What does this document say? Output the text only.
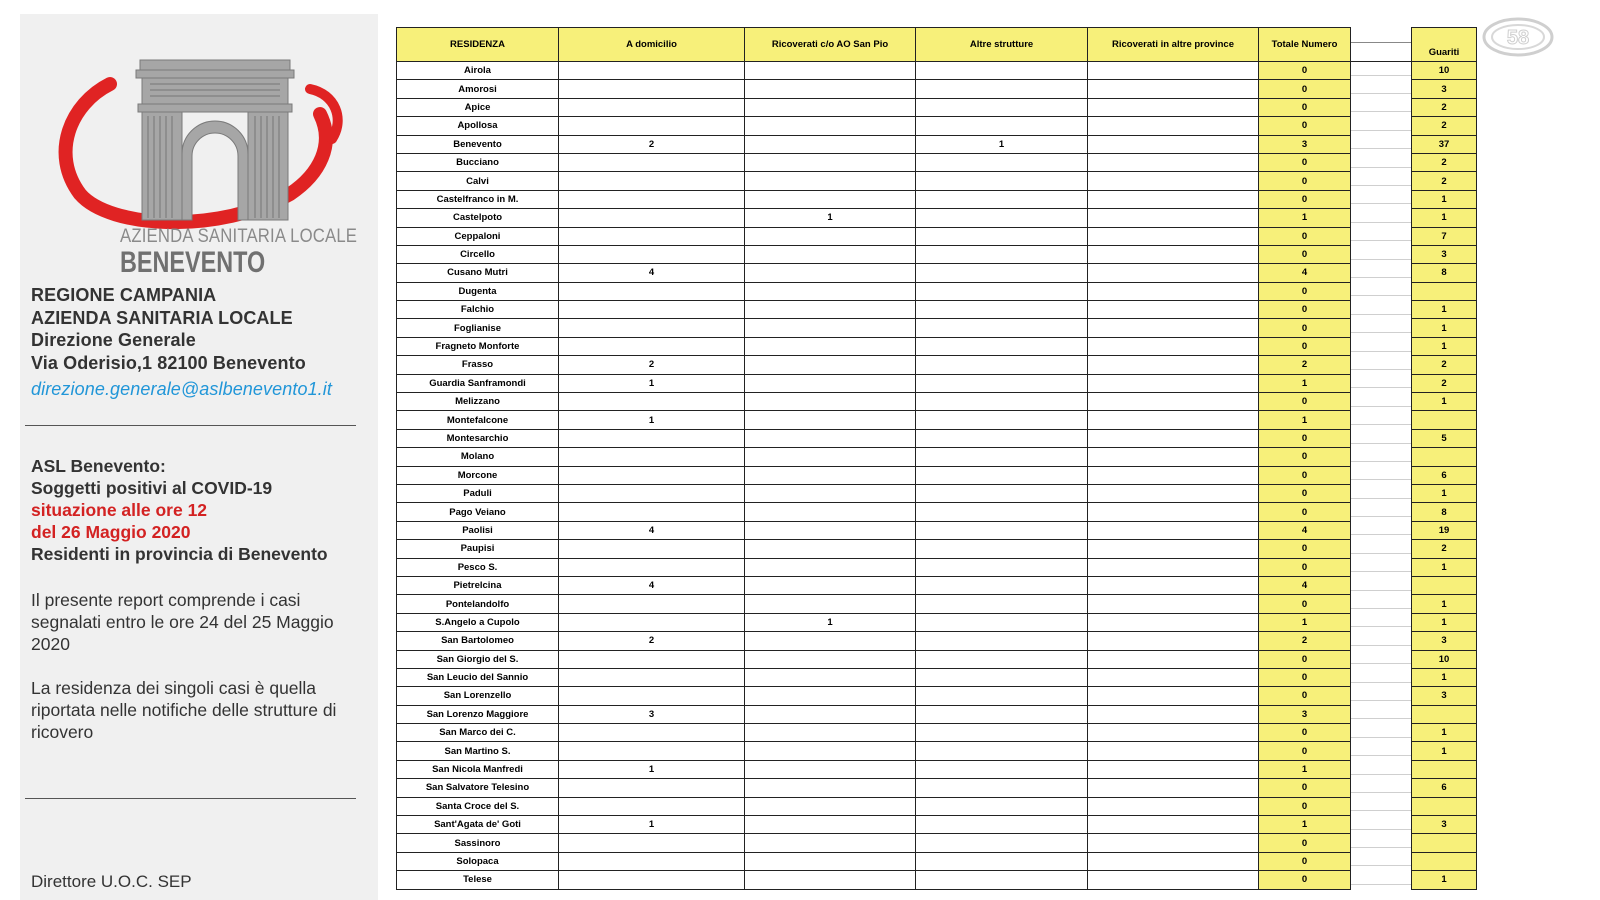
AZIENDA SANITARIA LOCALE
BENEVENTO
REGIONE CAMPANIA
AZIENDA SANITARIA LOCALE
Direzione Generale
Via Oderisio,1 82100 Benevento
direzione.generale@aslbenevento1.it

ASL Benevento:
Soggetti positivi al COVID-19
situazione alle ore 12
del 26 Maggio 2020
Residenti in provincia di Benevento

Il presente report comprende i casi segnalati entro le ore 24 del 25 Maggio 2020

La residenza dei singoli casi è quella riportata nelle notifiche delle strutture di ricovero

Direttore U.O.C. SEP
RESIDENZA	A domicilio	Ricoverati c/o AO San Pio	Altre strutture	Ricoverati in altre province	Totale Numero		Guariti
Airola					0		10
Amorosi					0		3
Apice					0		2
Apollosa					0		2
Benevento	2		1		3		37
Bucciano					0		2
Calvi					0		2
Castelfranco in M.					0		1
Castelpoto		1			1		1
Ceppaloni					0		7
Circello					0		3
Cusano Mutri	4				4		8
Dugenta					0	

Falchio					0		1
Foglianise					0		1
Fragneto Monforte					0		1
Frasso	2				2		2
Guardia Sanframondi	1				1		2
Melizzano					0		1
Montefalcone	1				1	

Montesarchio					0		5
Molano					0	

Morcone					0		6
Paduli					0		1
Pago Veiano					0		8
Paolisi	4				4		19
Paupisi					0		2
Pesco S.					0		1
Pietrelcina	4				4	

Pontelandolfo					0		1
S.Angelo a Cupolo		1			1		1
San Bartolomeo	2				2		3
San Giorgio del S.					0		10
San Leucio del Sannio					0		1
San Lorenzello					0		3
San Lorenzo Maggiore	3				3	

San Marco dei C.					0		1
San Martino S.					0		1
San Nicola Manfredi	1				1	

San Salvatore Telesino					0		6
Santa Croce del S.					0	

Sant'Agata de' Goti	1				1		3
Sassinoro					0	

Solopaca					0	

Telese					0		1
58
